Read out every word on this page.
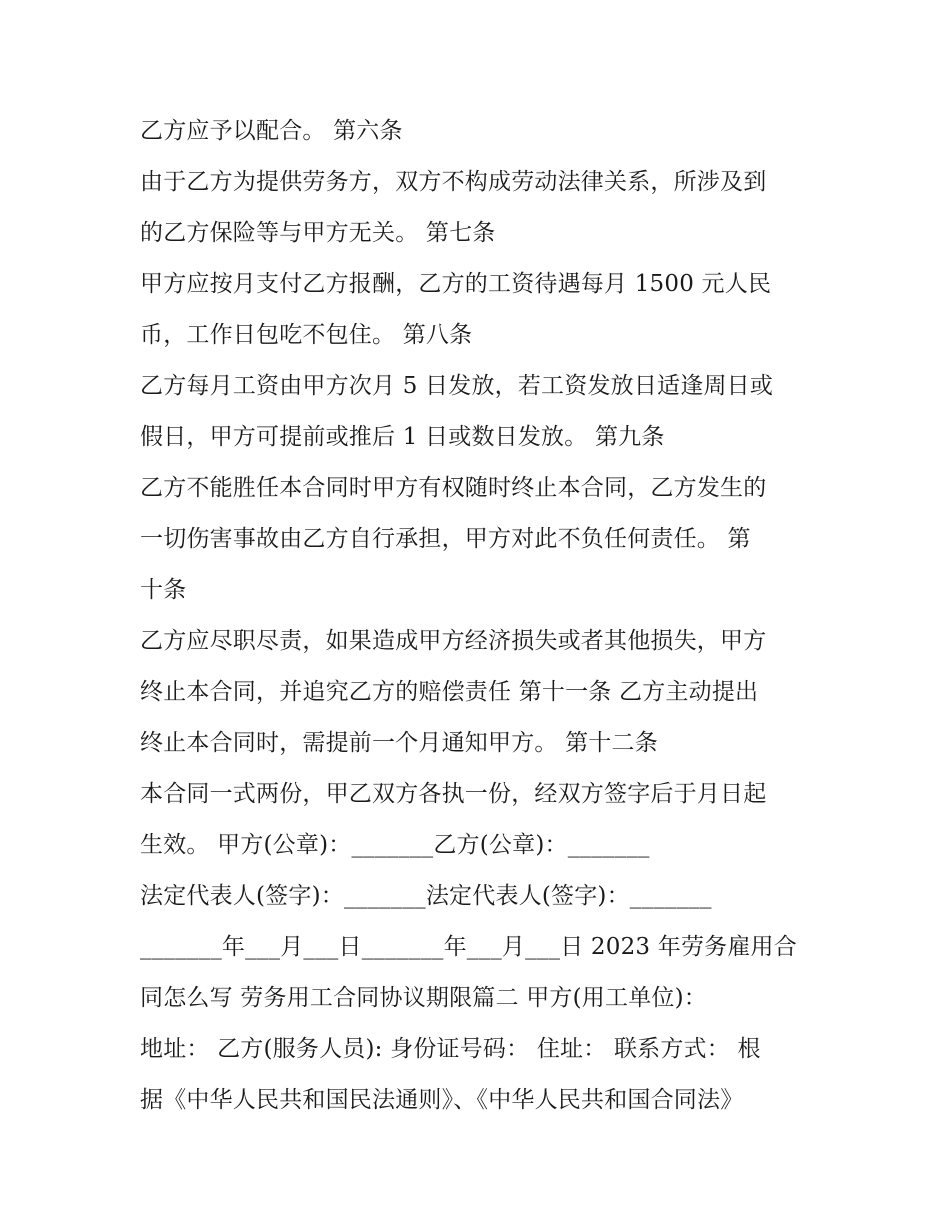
乙方应予以配合。 第六条
由于乙方为提供劳务方，双方不构成劳动法律关系，所涉及到
的乙方保险等与甲方无关。 第七条
甲方应按月支付乙方报酬，乙方的工资待遇每月 1500 元人民
币，工作日包吃不包住。 第八条
乙方每月工资由甲方次月 5 日发放，若工资发放日适逢周日或
假日，甲方可提前或推后 1 日或数日发放。 第九条
乙方不能胜任本合同时甲方有权随时终止本合同，乙方发生的
一切伤害事故由乙方自行承担，甲方对此不负任何责任。 第
十条
乙方应尽职尽责，如果造成甲方经济损失或者其他损失，甲方
终止本合同，并追究乙方的赔偿责任 第十一条 乙方主动提出
终止本合同时，需提前一个月通知甲方。 第十二条
本合同一式两份，甲乙双方各执一份，经双方签字后于月日起
生效。 甲方(公章)：_______乙方(公章)：_______
法定代表人(签字)：_______法定代表人(签字)：_______
_______年___月___日_______年___月___日 2023 年劳务雇用合
同怎么写 劳务用工合同协议期限篇二 甲方(用工单位)：
地址： 乙方(服务人员): 身份证号码： 住址： 联系方式： 根
据《中华人民共和国民法通则》、《中华人民共和国合同法》
